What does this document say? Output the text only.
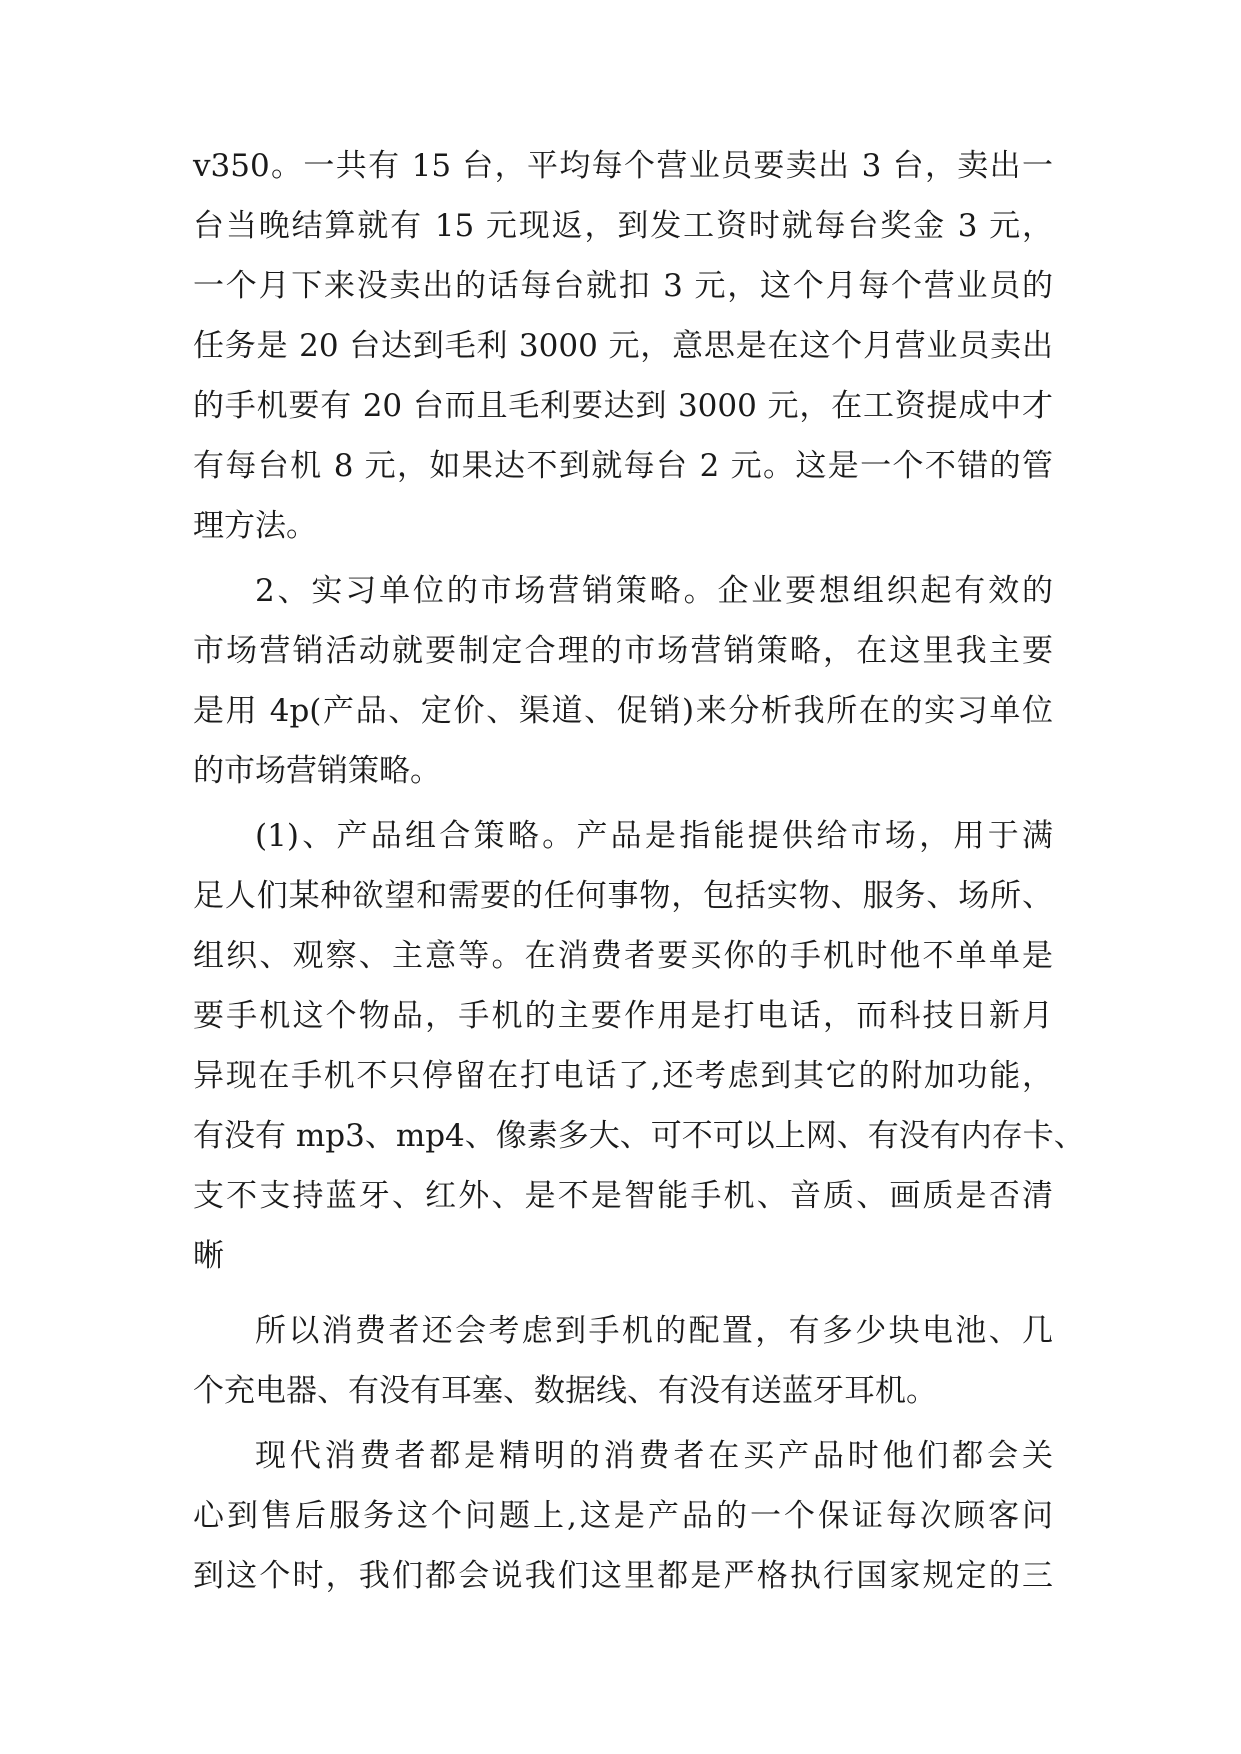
v350。一共有 15 台，平均每个营业员要卖出 3 台，卖出一
台当晚结算就有 15 元现返，到发工资时就每台奖金 3 元，
一个月下来没卖出的话每台就扣 3 元，这个月每个营业员的
任务是 20 台达到毛利 3000 元，意思是在这个月营业员卖出
的手机要有 20 台而且毛利要达到 3000 元，在工资提成中才
有每台机 8 元，如果达不到就每台 2 元。这是一个不错的管
理方法。
2、实习单位的市场营销策略。企业要想组织起有效的
市场营销活动就要制定合理的市场营销策略，在这里我主要
是用 4p(产品、定价、渠道、促销)来分析我所在的实习单位
的市场营销策略。
(1)、产品组合策略。产品是指能提供给市场，用于满
足人们某种欲望和需要的任何事物，包括实物、服务、场所、
组织、观察、主意等。在消费者要买你的手机时他不单单是
要手机这个物品，手机的主要作用是打电话，而科技日新月
异现在手机不只停留在打电话了,还考虑到其它的附加功能，
有没有 mp3、mp4、像素多大、可不可以上网、有没有内存卡、
支不支持蓝牙、红外、是不是智能手机、音质、画质是否清
晰
所以消费者还会考虑到手机的配置，有多少块电池、几
个充电器、有没有耳塞、数据线、有没有送蓝牙耳机。
现代消费者都是精明的消费者在买产品时他们都会关
心到售后服务这个问题上,这是产品的一个保证每次顾客问
到这个时，我们都会说我们这里都是严格执行国家规定的三
